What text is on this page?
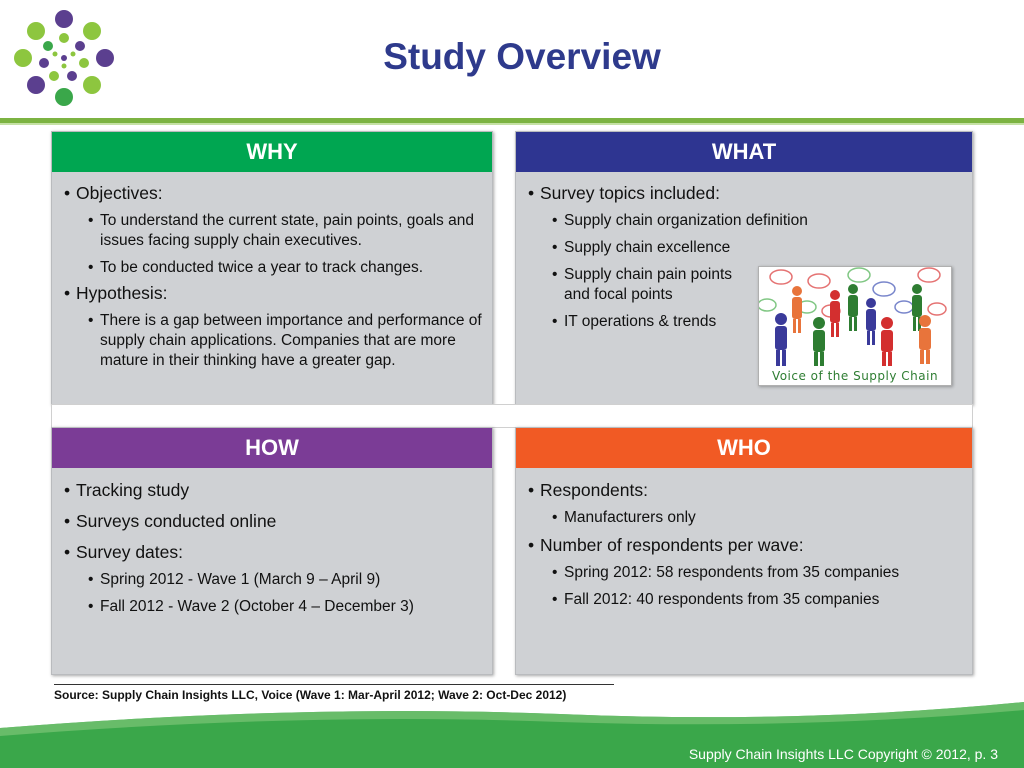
Study Overview
WHY
• Objectives:
• To understand the current state, pain points, goals and issues facing supply chain executives.
• To be conducted twice a year to track changes.
• Hypothesis:
• There is a gap between importance and performance of supply chain applications. Companies that are more mature in their thinking have a greater gap.
WHAT
• Survey topics included:
• Supply chain organization definition
• Supply chain excellence
• Supply chain pain points and focal points
• IT operations & trends
Voice of the Supply Chain
HOW
• Tracking study
• Surveys conducted online
• Survey dates:
• Spring 2012 - Wave 1 (March 9 – April 9)
• Fall 2012 - Wave 2 (October 4 – December 3)
WHO
• Respondents:
• Manufacturers only
• Number of respondents per wave:
• Spring 2012: 58 respondents from 35 companies
• Fall 2012: 40 respondents from 35 companies
Source: Supply Chain Insights LLC, Voice (Wave 1: Mar-April 2012; Wave 2: Oct-Dec 2012)
Supply Chain Insights LLC Copyright © 2012, p. 3
